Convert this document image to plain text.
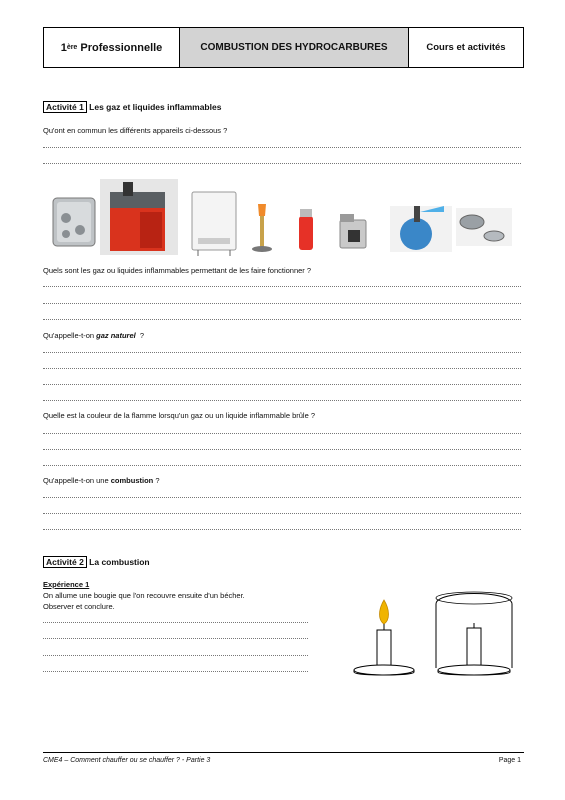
1 ère Professionnelle	COMBUSTION DES HYDROCARBURES	Cours et activités
Activité 1 Les gaz et liquides inflammables
Qu'ont en commun les différents appareils ci-dessous ?
Quels sont les gaz ou liquides inflammables permettant de les faire fonctionner ?
Qu'appelle-t-on gaz naturel  ?
Quelle est la couleur de la flamme lorsqu'un gaz ou un liquide inflammable brûle ?
Qu'appelle-t-on une combustion ?
Activité 2 La combustion
Expérience 1
On allume une bougie que l'on recouvre ensuite d'un bécher.
Observer et conclure.
CME4 – Comment chauffer ou se chauffer ? - Partie 3	Page 1
